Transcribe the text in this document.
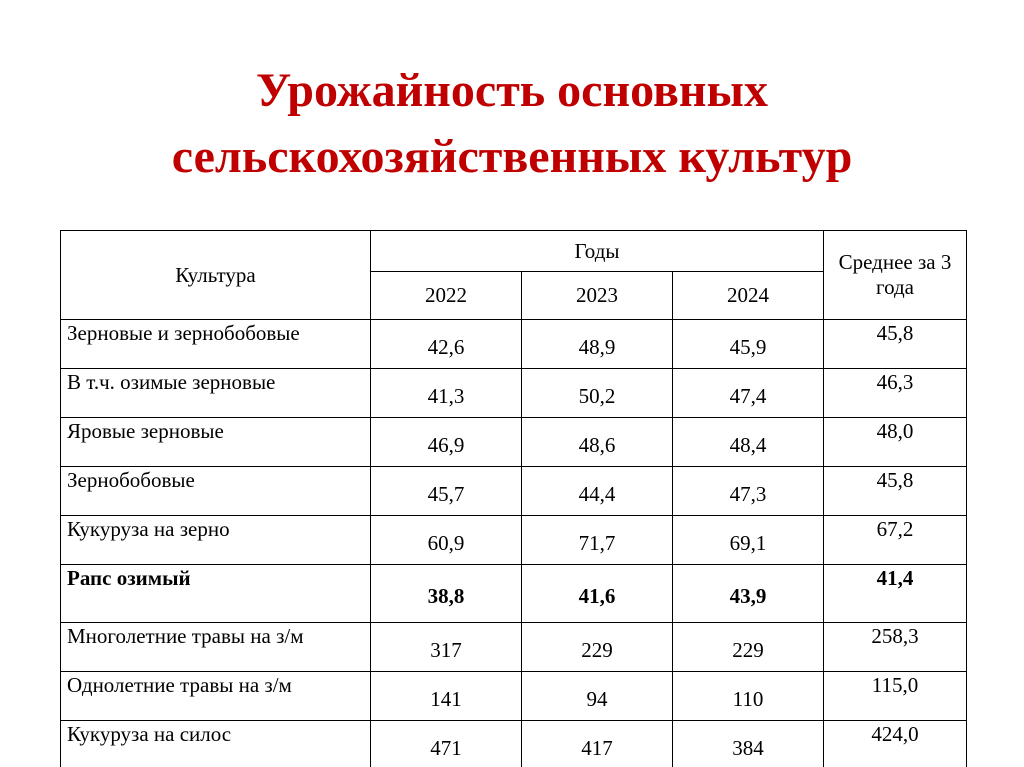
Урожайность основных
сельскохозяйственных культур
Культура	Годы			Среднее за 3 года
	2022	2023	2024	
Зерновые и зернобобовые	42,6	48,9	45,9	45,8
В т.ч. озимые зерновые	41,3	50,2	47,4	46,3
Яровые зерновые	46,9	48,6	48,4	48,0
Зернобобовые	45,7	44,4	47,3	45,8
Кукуруза на зерно	60,9	71,7	69,1	67,2
Рапс озимый	38,8	41,6	43,9	41,4
Многолетние травы на з/м	317	229	229	258,3
Однолетние травы на з/м	141	94	110	115,0
Кукуруза на силос	471	417	384	424,0
